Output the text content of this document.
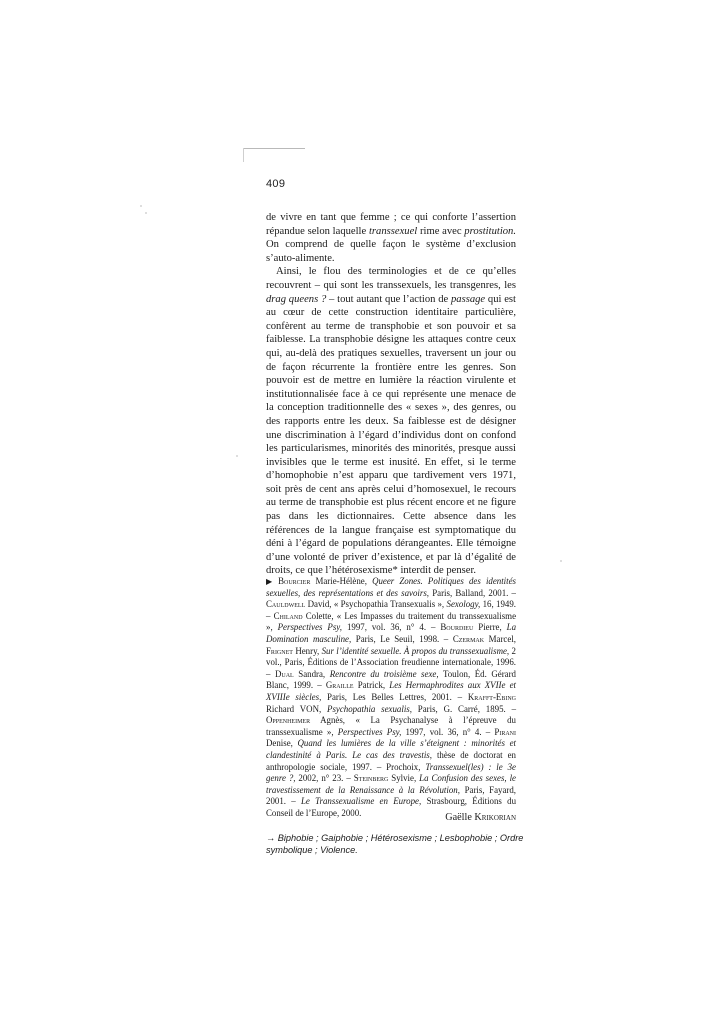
409

de vivre en tant que femme ; ce qui conforte l’assertion répandue selon laquelle transsexuel rime avec prostitution. On comprend de quelle façon le système d’exclusion s’auto-alimente.

Ainsi, le flou des terminologies et de ce qu’elles recouvrent – qui sont les transsexuels, les transgenres, les drag queens ? – tout autant que l’action de passage qui est au cœur de cette construction identitaire particulière, confèrent au terme de transphobie et son pouvoir et sa faiblesse. La transphobie désigne les attaques contre ceux qui, au-delà des pratiques sexuelles, traversent un jour ou de façon récurrente la frontière entre les genres. Son pouvoir est de mettre en lumière la réaction virulente et institutionnalisée face à ce qui représente une menace de la conception traditionnelle des « sexes », des genres, ou des rapports entre les deux. Sa faiblesse est de désigner une discrimination à l’égard d’individus dont on confond les particularismes, minorités des minorités, presque aussi invisibles que le terme est inusité. En effet, si le terme d’homophobie n’est apparu que tardivement vers 1971, soit près de cent ans après celui d’homosexuel, le recours au terme de transphobie est plus récent encore et ne figure pas dans les dictionnaires. Cette absence dans les références de la langue française est symptomatique du déni à l’égard de populations dérangeantes. Elle témoigne d’une volonté de priver d’existence, et par là d’égalité de droits, ce que l’hétérosexisme* interdit de penser.

▶ Bourcier Marie-Hélène, Queer Zones. Politiques des identités sexuelles, des représentations et des savoirs, Paris, Balland, 2001. – Cauldwell David, « Psychopathia Transexualis », Sexology, 16, 1949. – Chiland Colette, « Les Impasses du traitement du transsexualisme », Perspectives Psy, 1997, vol. 36, n° 4. – Bourdieu Pierre, La Domination masculine, Paris, Le Seuil, 1998. – Czermak Marcel, Frignet Henry, Sur l’identité sexuelle. À propos du transsexualisme, 2 vol., Paris, Éditions de l’Association freudienne internationale, 1996. – Dual Sandra, Rencontre du troisième sexe, Toulon, Éd. Gérard Blanc, 1999. – Graille Patrick, Les Hermaphrodites aux XVIIe et XVIIIe siècles, Paris, Les Belles Lettres, 2001. – Krafft-Ebing Richard VON, Psychopathia sexualis, Paris, G. Carré, 1895. – Oppenheimer Agnès, « La Psychanalyse à l’épreuve du transsexualisme », Perspectives Psy, 1997, vol. 36, n° 4. – Pirani Denise, Quand les lumières de la ville s’éteignent : minorités et clandestinité à Paris. Le cas des travestis, thèse de doctorat en anthropologie sociale, 1997. – Prochoix, Transsexuel(les) : le 3e genre ?, 2002, n° 23. – Steinberg Sylvie, La Confusion des sexes, le travestissement de la Renaissance à la Révolution, Paris, Fayard, 2001. – Le Transsexualisme en Europe, Strasbourg, Éditions du Conseil de l’Europe, 2000.	Gaëlle Krikorian
→ Biphobie ; Gaiphobie ; Hétérosexisme ; Lesbophobie ; Ordre symbolique ; Violence.
